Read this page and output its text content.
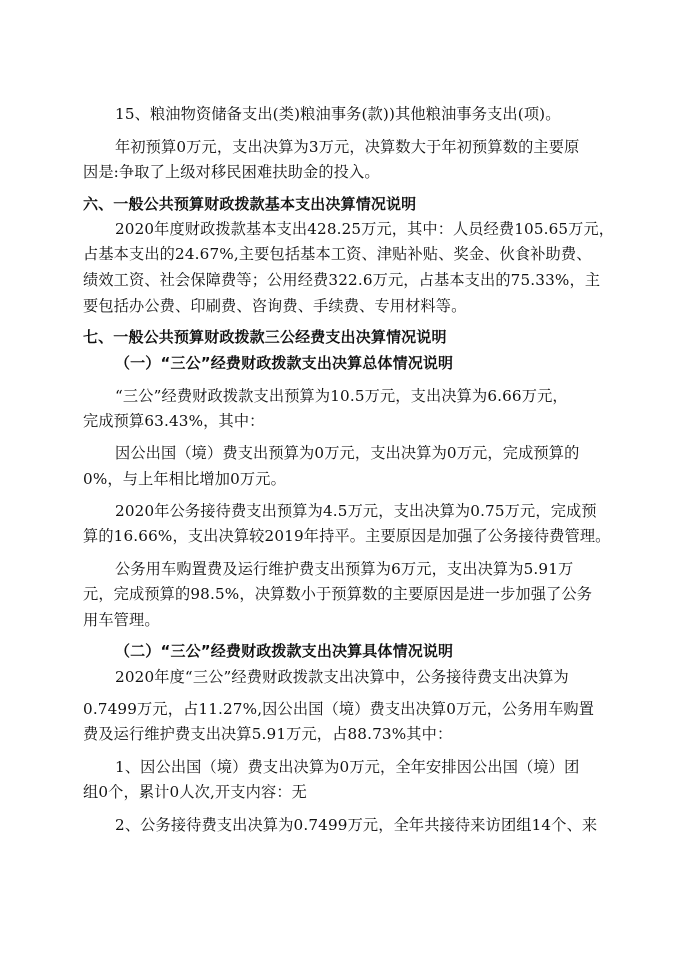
15、粮油物资储备支出(类)粮油事务(款))其他粮油事务支出(项)。
年初预算0万元，支出决算为3万元，决算数大于年初预算数的主要原
因是:争取了上级对移民困难扶助金的投入。
六、一般公共预算财政拨款基本支出决算情况说明
2020年度财政拨款基本支出428.25万元，其中：人员经费105.65万元，
占基本支出的24.67%,主要包括基本工资、津贴补贴、奖金、伙食补助费、
绩效工资、社会保障费等；公用经费322.6万元，占基本支出的75.33%，主
要包括办公费、印刷费、咨询费、手续费、专用材料等。
七、一般公共预算财政拨款三公经费支出决算情况说明
（一）“三公”经费财政拨款支出决算总体情况说明
“三公”经费财政拨款支出预算为10.5万元，支出决算为6.66万元，
完成预算63.43%，其中：
因公出国（境）费支出预算为0万元，支出决算为0万元，完成预算的
0%，与上年相比增加0万元。
2020年公务接待费支出预算为4.5万元，支出决算为0.75万元，完成预
算的16.66%，支出决算较2019年持平。主要原因是加强了公务接待费管理。
公务用车购置费及运行维护费支出预算为6万元，支出决算为5.91万
元，完成预算的98.5%，决算数小于预算数的主要原因是进一步加强了公务
用车管理。
（二）“三公”经费财政拨款支出决算具体情况说明
2020年度“三公”经费财政拨款支出决算中，公务接待费支出决算为
0.7499万元，占11.27%,因公出国（境）费支出决算0万元，公务用车购置
费及运行维护费支出决算5.91万元，占88.73%其中：
1、因公出国（境）费支出决算为0万元，全年安排因公出国（境）团
组0个，累计0人次,开支内容：无
2、公务接待费支出决算为0.7499万元，全年共接待来访团组14个、来
